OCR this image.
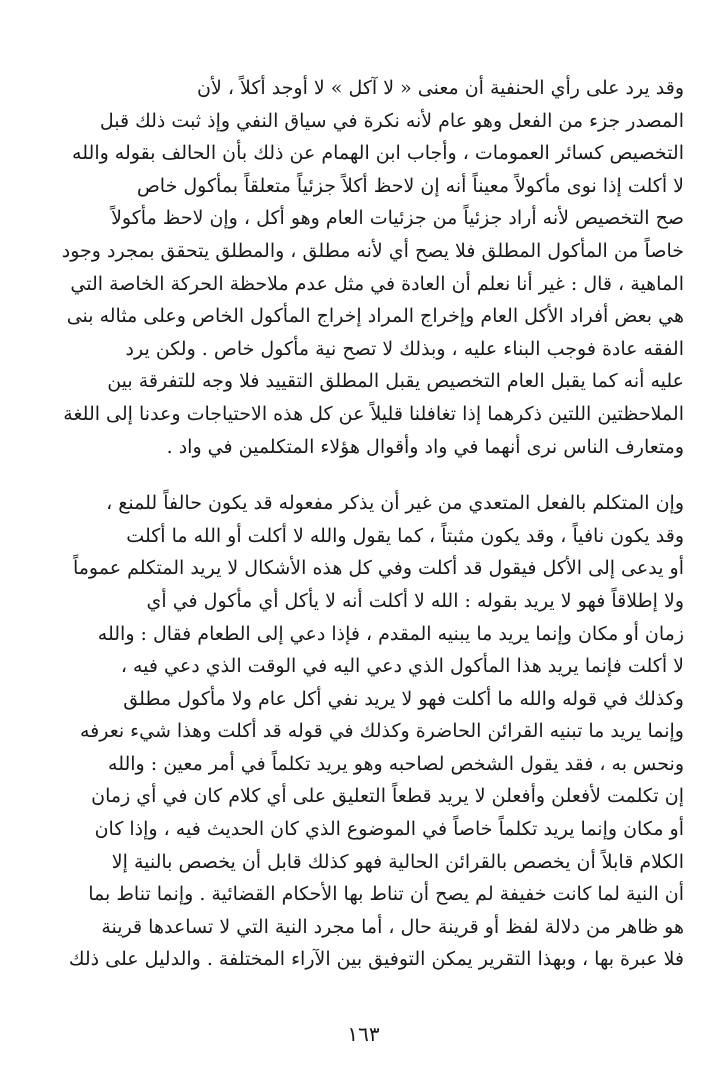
وقد يرد على رأي الحنفية أن معنى « لا آكل » لا أوجد أكلاً ، لأن
المصدر جزء من الفعل وهو عام لأنه نكرة في سياق النفي وإذ ثبت ذلك قبل
التخصيص كسائر العمومات ، وأجاب ابن الهمام عن ذلك بأن الحالف بقوله والله
لا أكلت إذا نوى مأكولاً معيناً أنه إن لاحظ أكلاً جزئياً متعلقاً بمأكول خاص
صح التخصيص لأنه أراد جزئياً من جزئيات العام وهو أكل ، وإن لاحظ مأكولاً
خاصاً من المأكول المطلق فلا يصح أي لأنه مطلق ، والمطلق يتحقق بمجرد وجود
الماهية ، قال : غير أنا نعلم أن العادة في مثل عدم ملاحظة الحركة الخاصة التي
هي بعض أفراد الأكل العام وإخراج المراد إخراج المأكول الخاص وعلى مثاله بنى
الفقه عادة فوجب البناء عليه ، وبذلك لا تصح نية مأكول خاص . ولكن يرد
عليه أنه كما يقبل العام التخصيص يقبل المطلق التقييد فلا وجه للتفرقة بين
الملاحظتين اللتين ذكرهما إذا تغافلنا قليلاً عن كل هذه الاحتياجات وعدنا إلى اللغة
ومتعارف الناس نرى أنهما في واد وأقوال هؤلاء المتكلمين في واد .
وإن المتكلم بالفعل المتعدي من غير أن يذكر مفعوله قد يكون حالفاً للمنع ،
وقد يكون نافياً ، وقد يكون مثبتاً ، كما يقول والله لا أكلت أو الله ما أكلت
أو يدعى إلى الأكل فيقول قد أكلت وفي كل هذه الأشكال لا يريد المتكلم عموماً
ولا إطلاقاً فهو لا يريد بقوله : الله لا أكلت أنه لا يأكل أي مأكول في أي
زمان أو مكان وإنما يريد ما يبنيه المقدم ، فإذا دعي إلى الطعام فقال : والله
لا أكلت فإنما يريد هذا المأكول الذي دعي اليه في الوقت الذي دعي فيه ،
وكذلك في قوله والله ما أكلت فهو لا يريد نفي أكل عام ولا مأكول مطلق
وإنما يريد ما تبنيه القرائن الحاضرة وكذلك في قوله قد أكلت وهذا شيء نعرفه
ونحس به ، فقد يقول الشخص لصاحبه وهو يريد تكلماً في أمر معين : والله
إن تكلمت لأفعلن وأفعلن لا يريد قطعاً التعليق على أي كلام كان في أي زمان
أو مكان وإنما يريد تكلماً خاصاً في الموضوع الذي كان الحديث فيه ، وإذا كان
الكلام قابلاً أن يخصص بالقرائن الحالية فهو كذلك قابل أن يخصص بالنية إلا
أن النية لما كانت خفيفة لم يصح أن تناط بها الأحكام القضائية . وإنما تناط بما
هو ظاهر من دلالة لفظ أو قرينة حال ، أما مجرد النية التي لا تساعدها قرينة
فلا عبرة بها ، وبهذا التقرير يمكن التوفيق بين الآراء المختلفة . والدليل على ذلك
١٦٣
